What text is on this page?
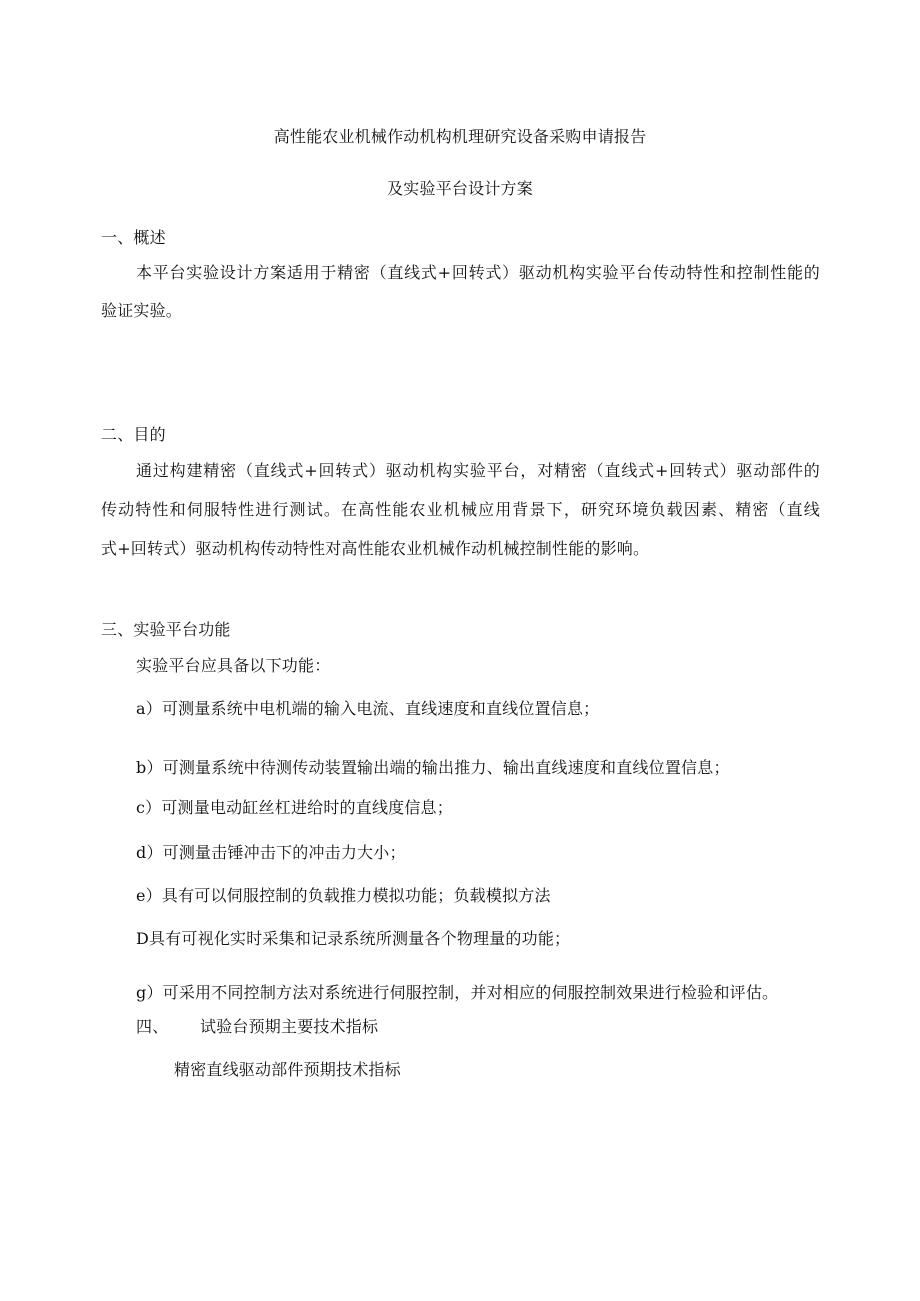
高性能农业机械作动机构机理研究设备采购申请报告
及实验平台设计方案
一、概述
本平台实验设计方案适用于精密（直线式+回转式）驱动机构实验平台传动特性和控制性能的
验证实验。
二、目的
通过构建精密（直线式+回转式）驱动机构实验平台，对精密（直线式+回转式）驱动部件的
传动特性和伺服特性进行测试。在高性能农业机械应用背景下，研究环境负载因素、精密（直线
式+回转式）驱动机构传动特性对高性能农业机械作动机械控制性能的影响。
三、实验平台功能
实验平台应具备以下功能：
a）可测量系统中电机端的输入电流、直线速度和直线位置信息；
b）可测量系统中待测传动装置输出端的输出推力、输出直线速度和直线位置信息；
c）可测量电动缸丝杠进给时的直线度信息；
d）可测量击锤冲击下的冲击力大小；
e）具有可以伺服控制的负载推力模拟功能；负载模拟方法
D具有可视化实时采集和记录系统所测量各个物理量的功能；
g）可采用不同控制方法对系统进行伺服控制，并对相应的伺服控制效果进行检验和评估。
四、 试验台预期主要技术指标
精密直线驱动部件预期技术指标
